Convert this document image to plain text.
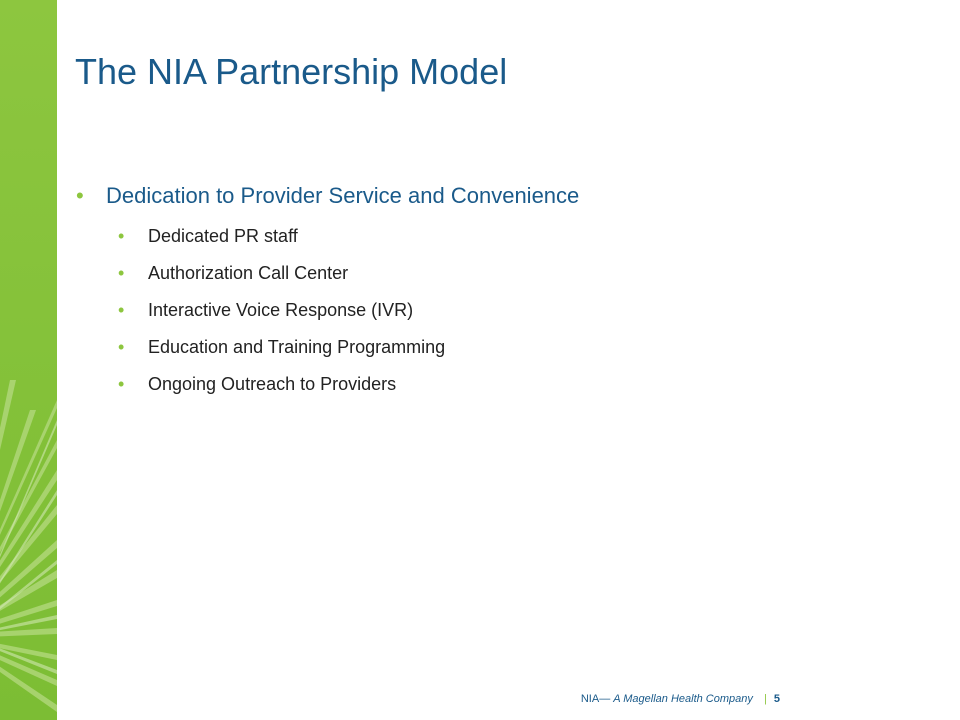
The NIA Partnership Model
• Dedication to Provider Service and Convenience
• Dedicated PR staff
• Authorization Call Center
• Interactive Voice Response (IVR)
• Education and Training Programming
• Ongoing Outreach to Providers
NIA— A Magellan Health Company | 5
